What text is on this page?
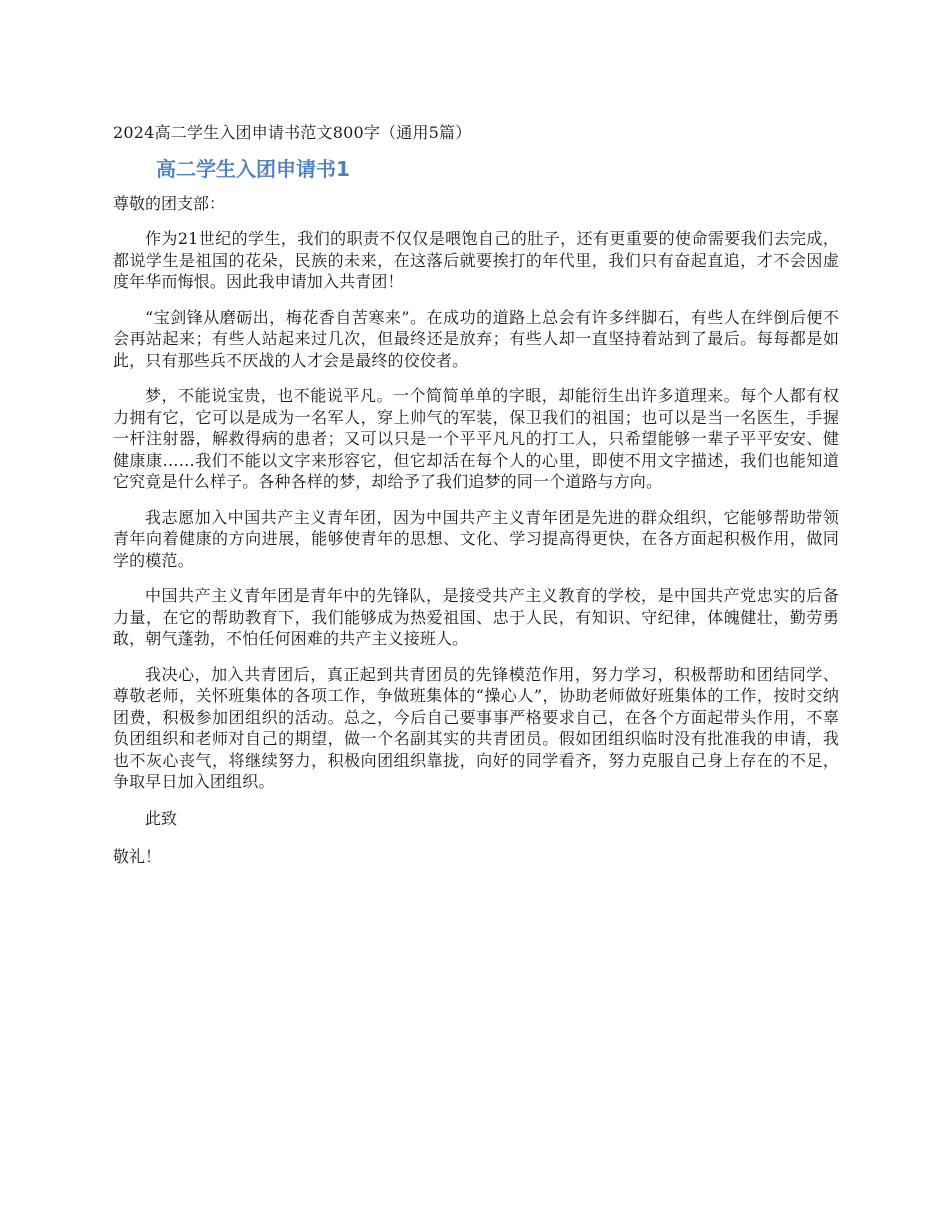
2024高二学生入团申请书范文800字（通用5篇）
高二学生入团申请书1
尊敬的团支部：

作为21世纪的学生，我们的职责不仅仅是喂饱自己的肚子，还有更重要的使命需要我们去完成，都说学生是祖国的花朵，民族的未来，在这落后就要挨打的年代里，我们只有奋起直追，才不会因虚度年华而悔恨。因此我申请加入共青团！

“宝剑锋从磨砺出，梅花香自苦寒来”。在成功的道路上总会有许多绊脚石，有些人在绊倒后便不会再站起来；有些人站起来过几次，但最终还是放弃；有些人却一直坚持着站到了最后。每每都是如此，只有那些兵不厌战的人才会是最终的佼佼者。

梦，不能说宝贵，也不能说平凡。一个简简单单的字眼，却能衍生出许多道理来。每个人都有权力拥有它，它可以是成为一名军人，穿上帅气的军装，保卫我们的祖国；也可以是当一名医生，手握一杆注射器，解救得病的患者；又可以只是一个平平凡凡的打工人，只希望能够一辈子平平安安、健健康康……我们不能以文字来形容它，但它却活在每个人的心里，即使不用文字描述，我们也能知道它究竟是什么样子。各种各样的梦，却给予了我们追梦的同一个道路与方向。

我志愿加入中国共产主义青年团，因为中国共产主义青年团是先进的群众组织，它能够帮助带领青年向着健康的方向进展，能够使青年的思想、文化、学习提高得更快，在各方面起积极作用，做同学的模范。

中国共产主义青年团是青年中的先锋队，是接受共产主义教育的学校，是中国共产党忠实的后备力量，在它的帮助教育下，我们能够成为热爱祖国、忠于人民，有知识、守纪律，体魄健壮，勤劳勇敢，朝气蓬勃，不怕任何困难的共产主义接班人。

我决心，加入共青团后，真正起到共青团员的先锋模范作用，努力学习，积极帮助和团结同学、尊敬老师，关怀班集体的各项工作，争做班集体的“操心人”，协助老师做好班集体的工作，按时交纳团费，积极参加团组织的活动。总之，今后自己要事事严格要求自己，在各个方面起带头作用，不辜负团组织和老师对自己的期望，做一个名副其实的共青团员。假如团组织临时没有批准我的申请，我也不灰心丧气，将继续努力，积极向团组织靠拢，向好的同学看齐，努力克服自己身上存在的不足，争取早日加入团组织。

此致
敬礼！
